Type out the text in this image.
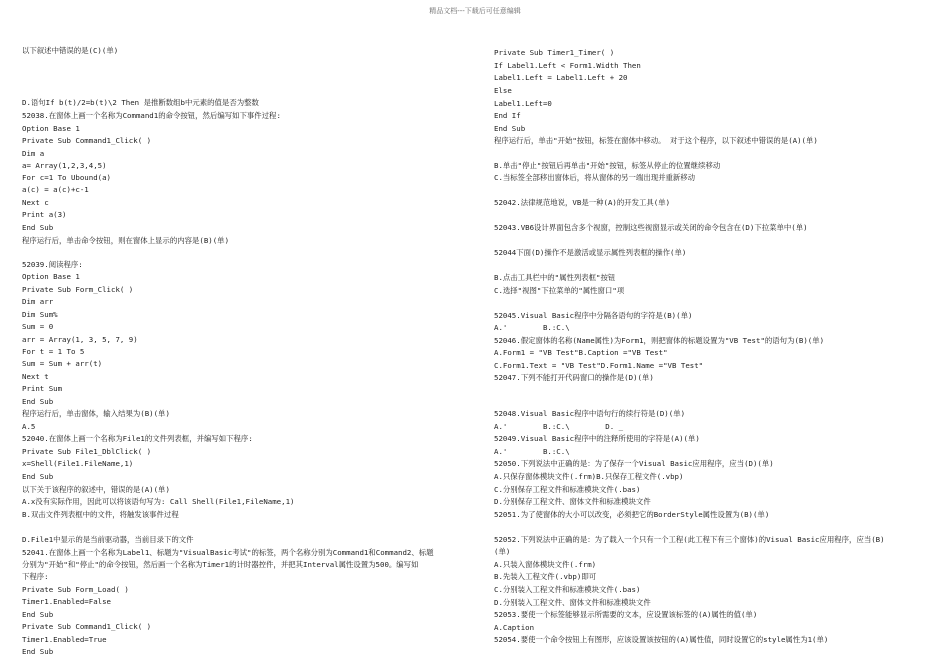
精品文档---下载后可任意编辑
以下叙述中错误的是(C)(单)
D.语句If b(t)/2=b(t)\2 Then 是推断数组b中元素的值是否为整数
52038.在窗体上画一个名称为Command1的命令按钮，然后编写如下事件过程:
Option Base 1
Private Sub Command1_Click( )
Dim a
a= Array(1,2,3,4,5)
For c=1 To Ubound(a)
a(c) = a(c)+c-1
Next c
Print a(3)
End Sub
程序运行后，单击命令按钮，则在窗体上显示的内容是(B)(单)
52039.阅读程序:
Option Base 1
Private Sub Form_Click( )
Dim arr
Dim Sum%
Sum = 0
arr = Array(1, 3, 5, 7, 9)
For t = 1 To 5
Sum = Sum + arr(t)
Next t
Print Sum
End Sub
程序运行后，单击窗体，输入结果为(B)(单)
A.5
52040.在窗体上画一个名称为File1的文件列表框，并编写如下程序:
Private Sub File1_DblClick( )
x=Shell(File1.FileName,1)
End Sub
以下关于该程序的叙述中，错误的是(A)(单)
A.x没有实际作用，因此可以将该语句写为: Call Shell(File1,FileName,1)
B.双击文件列表框中的文件，将触发该事件过程
D.File1中显示的是当前驱动器，当前目录下的文件
52041.在窗体上画一个名称为Label1、标题为"VisualBasic考试"的标签，两个名称分别为Command1和Command2、标题
分别为"开始"和"停止"的命令按钮，然后画一个名称为Timer1的计时器控件，并把其Interval属性设置为500。编写如
下程序:
Private Sub Form_Load( )
Timer1.Enabled=False
End Sub
Private Sub Command1_Click( )
Timer1.Enabled=True
End Sub
Private Sub Timer1_Timer( )
If Label1.Left < Form1.Width Then
Label1.Left = Label1.Left + 20
Else
Label1.Left=0
End If
End Sub
程序运行后，单击"开始"按钮，标签在窗体中移动。 对于这个程序，以下叙述中错误的是(A)(单)
B.单击"停止"按钮后再单击"开始"按钮，标签从停止的位置继续移动
C.当标签全部移出窗体后，将从窗体的另一端出现并重新移动
52042.法律规范地说，VB是一种(A)的开发工具(单)
52043.VB6设计界面包含多个视窗，控制这些视窗显示或关闭的命令包含在(D)下拉菜单中(单)
52044下面(D)操作不是激活或显示属性列表框的操作(单)
B.点击工具栏中的"属性列表框"按钮
C.选择"视图"下拉菜单的"属性窗口"项
52045.Visual Basic程序中分隔各语句的字符是(B)(单)
A.'        B.:C.\
52046.假定窗体的名称(Name属性)为Form1，则把窗体的标题设置为"VB Test"的语句为(B)(单)
A.Form1 = "VB Test"B.Caption ="VB Test"
C.Form1.Text = "VB Test"D.Form1.Name ="VB Test"
52047.下列不能打开代码窗口的操作是(D)(单)
52048.Visual Basic程序中语句行的续行符是(D)(单)
A.'        B.:C.\        D. _
52049.Visual Basic程序中的注释所使用的字符是(A)(单)
A.'        B.:C.\
52050.下列说法中正确的是：为了保存一个Visual Basic应用程序，应当(D)(单)
A.只保存窗体模块文件(.frm)B.只保存工程文件(.vbp)
C.分别保存工程文件和标准模块文件(.bas)
D.分别保存工程文件、窗体文件和标准模块文件
52051.为了使窗体的大小可以改变，必须把它的BorderStyle属性设置为(B)(单)
52052.下列说法中正确的是：为了载入一个只有一个工程(此工程下有三个窗体)的Visual Basic应用程序，应当(B)
(单)
A.只装入窗体模块文件(.frm)
B.先装入工程文件(.vbp)即可
C.分别装入工程文件和标准模块文件(.bas)
D.分别装入工程文件、窗体文件和标准模块文件
52053.要使一个标签能够显示所需要的文本，应设置该标签的(A)属性的值(单)
A.Caption
52054.要使一个命令按钮上有图形，应该设置该按钮的(A)属性值，同时设置它的style属性为1(单)
